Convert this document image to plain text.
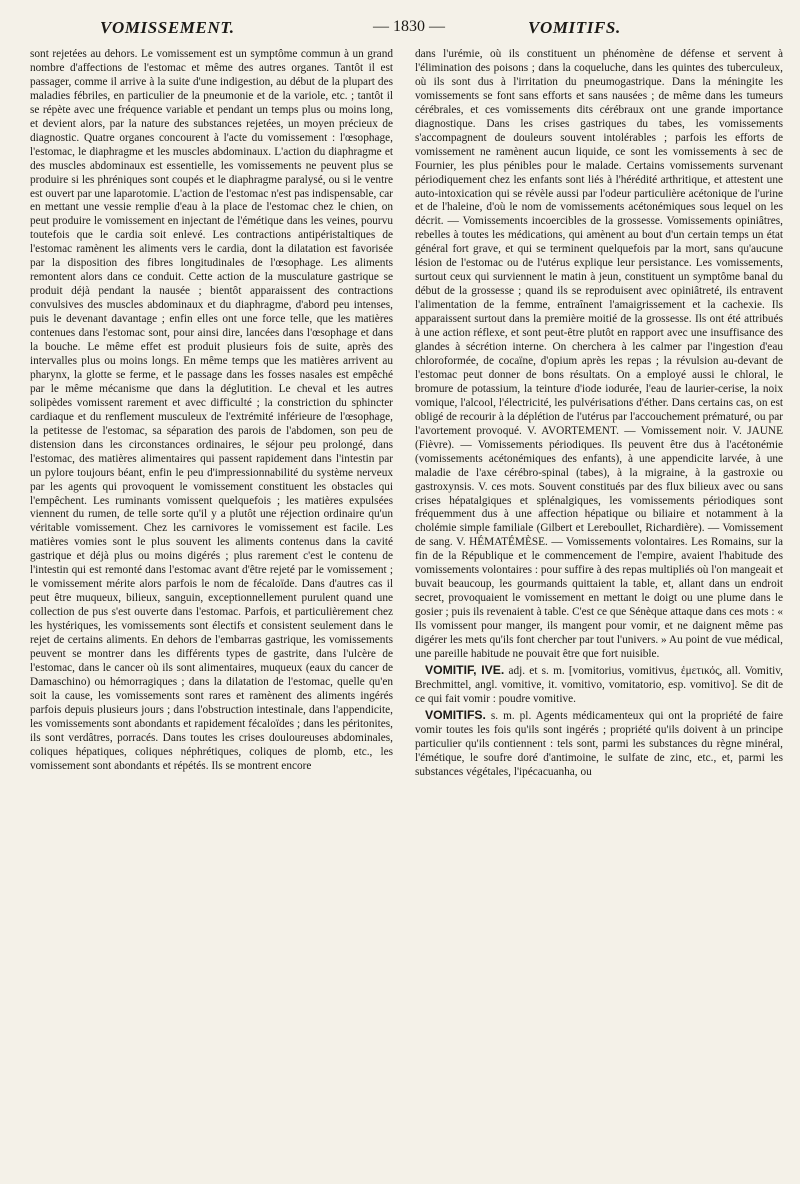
VOMISSEMENT.	— 1830 —	VOMITIFS.

sont rejetées au dehors. Le vomissement est un symptôme commun à un grand nombre d'affections de l'estomac et même des autres organes. Tantôt il est passager, comme il arrive à la suite d'une indigestion, au début de la plupart des maladies fébriles, en particulier de la pneumonie et de la variole, etc. ; tantôt il se répète avec une fréquence variable et pendant un temps plus ou moins long, et devient alors, par la nature des substances rejetées, un moyen précieux de diagnostic. Quatre organes concourent à l'acte du vomissement : l'œsophage, l'estomac, le diaphragme et les muscles abdominaux. L'action du diaphragme et des muscles abdominaux est essentielle, les vomissements ne peuvent plus se produire si les phréniques sont coupés et le diaphragme paralysé, ou si le ventre est ouvert par une laparotomie. L'action de l'estomac n'est pas indispensable, car en mettant une vessie remplie d'eau à la place de l'estomac chez le chien, on peut produire le vomissement en injectant de l'émétique dans les veines, pourvu toutefois que le cardia soit enlevé. Les contractions antipéristaltiques de l'estomac ramènent les aliments vers le cardia, dont la dilatation est favorisée par la disposition des fibres longitudinales de l'œsophage. Les aliments remontent alors dans ce conduit. Cette action de la musculature gastrique se produit déjà pendant la nausée ; bientôt apparaissent des contractions convulsives des muscles abdominaux et du diaphragme, d'abord peu intenses, puis le devenant davantage ; enfin elles ont une force telle, que les matières contenues dans l'estomac sont, pour ainsi dire, lancées dans l'œsophage et dans la bouche. Le même effet est produit plusieurs fois de suite, après des intervalles plus ou moins longs. En même temps que les matières arrivent au pharynx, la glotte se ferme, et le passage dans les fosses nasales est empêché par le même mécanisme que dans la déglutition. Le cheval et les autres solipèdes vomissent rarement et avec difficulté ; la constriction du sphincter cardiaque et du renflement musculeux de l'extrémité inférieure de l'œsophage, la petitesse de l'estomac, sa séparation des parois de l'abdomen, son peu de distension dans les circonstances ordinaires, le séjour peu prolongé, dans l'estomac, des matières alimentaires qui passent rapidement dans l'intestin par un pylore toujours béant, enfin le peu d'impressionnabilité du système nerveux par les agents qui provoquent le vomissement constituent les obstacles qui l'empêchent. Les ruminants vomissent quelquefois ; les matières expulsées viennent du rumen, de telle sorte qu'il y a plutôt une réjection ordinaire qu'un véritable vomissement. Chez les carnivores le vomissement est facile. Les matières vomies sont le plus souvent les aliments contenus dans la cavité gastrique et déjà plus ou moins digérés ; plus rarement c'est le contenu de l'intestin qui est remonté dans l'estomac avant d'être rejeté par le vomissement ; le vomissement mérite alors parfois le nom de fécaloïde. Dans d'autres cas il peut être muqueux, bilieux, sanguin, exceptionnellement purulent quand une collection de pus s'est ouverte dans l'estomac. Parfois, et particulièrement chez les hystériques, les vomissements sont électifs et consistent seulement dans le rejet de certains aliments. En dehors de l'embarras gastrique, les vomissements peuvent se montrer dans les différents types de gastrite, dans l'ulcère de l'estomac, dans le cancer où ils sont alimentaires, muqueux (eaux du cancer de Damaschino) ou hémorragiques ; dans la dilatation de l'estomac, quelle qu'en soit la cause, les vomissements sont rares et ramènent des aliments ingérés parfois depuis plusieurs jours ; dans l'obstruction intestinale, dans l'appendicite, les vomissements sont abondants et rapidement fécaloïdes ; dans les péritonites, ils sont verdâtres, porracés. Dans toutes les crises douloureuses abdominales, coliques hépatiques, coliques néphrétiques, coliques de plomb, etc., les vomissement sont abondants et répétés. Ils se montrent encore

dans l'urémie, où ils constituent un phénomène de défense et servent à l'élimination des poisons ; dans la coqueluche, dans les quintes des tuberculeux, où ils sont dus à l'irritation du pneumogastrique. Dans la méningite les vomissements se font sans efforts et sans nausées ; de même dans les tumeurs cérébrales, et ces vomissements dits cérébraux ont une grande importance diagnostique. Dans les crises gastriques du tabes, les vomissements s'accompagnent de douleurs souvent intolérables ; parfois les efforts de vomissement ne ramènent aucun liquide, ce sont les vomissements à sec de Fournier, les plus pénibles pour le malade. Certains vomissements survenant périodiquement chez les enfants sont liés à l'hérédité arthritique, et attestent une auto-intoxication qui se révèle aussi par l'odeur particulière acétonique de l'urine et de l'haleine, d'où le nom de vomissements acétonémiques sous lequel on les décrit. — Vomissements incoercibles de la grossesse. Vomissements opiniâtres, rebelles à toutes les médications, qui amènent au bout d'un certain temps un état général fort grave, et qui se terminent quelquefois par la mort, sans qu'aucune lésion de l'estomac ou de l'utérus explique leur persistance. Les vomissements, surtout ceux qui surviennent le matin à jeun, constituent un symptôme banal du début de la grossesse ; quand ils se reproduisent avec opiniâtreté, ils entravent l'alimentation de la femme, entraînent l'amaigrissement et la cachexie. Ils apparaissent surtout dans la première moitié de la grossesse. Ils ont été attribués à une action réflexe, et sont peut-être plutôt en rapport avec une insuffisance des glandes à sécrétion interne. On cherchera à les calmer par l'ingestion d'eau chloroformée, de cocaïne, d'opium après les repas ; la révulsion au-devant de l'estomac peut donner de bons résultats. On a employé aussi le chloral, le bromure de potassium, la teinture d'iode iodurée, l'eau de laurier-cerise, la noix vomique, l'alcool, l'électricité, les pulvérisations d'éther. Dans certains cas, on est obligé de recourir à la déplétion de l'utérus par l'accouchement prématuré, ou par l'avortement provoqué. V. AVORTEMENT. — Vomissement noir. V. JAUNE (Fièvre). — Vomissements périodiques. Ils peuvent être dus à l'acétonémie (vomissements acétonémiques des enfants), à une appendicite larvée, à une maladie de l'axe cérébro-spinal (tabes), à la migraine, à la gastroxie ou gastroxynsis. V. ces mots. Souvent constitués par des flux bilieux avec ou sans crises hépatalgiques et splénalgiques, les vomissements périodiques sont fréquemment dus à une affection hépatique ou biliaire et notamment à la cholémie simple familiale (Gilbert et Lereboullet, Richardière). — Vomissement de sang. V. HÉMATÉMÈSE. — Vomissements volontaires. Les Romains, sur la fin de la République et le commencement de l'empire, avaient l'habitude des vomissements volontaires : pour suffire à des repas multipliés où l'on mangeait et buvait beaucoup, les gourmands quittaient la table, et, allant dans un endroit secret, provoquaient le vomissement en mettant le doigt ou une plume dans le gosier ; puis ils revenaient à table. C'est ce que Sénèque attaque dans ces mots : « Ils vomissent pour manger, ils mangent pour vomir, et ne daignent même pas digérer les mets qu'ils font chercher par tout l'univers. » Au point de vue médical, une pareille habitude ne pouvait être que fort nuisible.

VOMITIF, IVE. adj. et s. m. [vomitorius, vomitivus, ἐμετικός, all. Vomitiv, Brechmittel, angl. vomitive, it. vomitivo, vomitatorio, esp. vomitivo]. Se dit de ce qui fait vomir : poudre vomitive.

VOMITIFS. s. m. pl. Agents médicamenteux qui ont la propriété de faire vomir toutes les fois qu'ils sont ingérés ; propriété qu'ils doivent à un principe particulier qu'ils contiennent : tels sont, parmi les substances du règne minéral, l'émétique, le soufre doré d'antimoine, le sulfate de zinc, etc., et, parmi les substances végétales, l'ipécacuanha, ou
